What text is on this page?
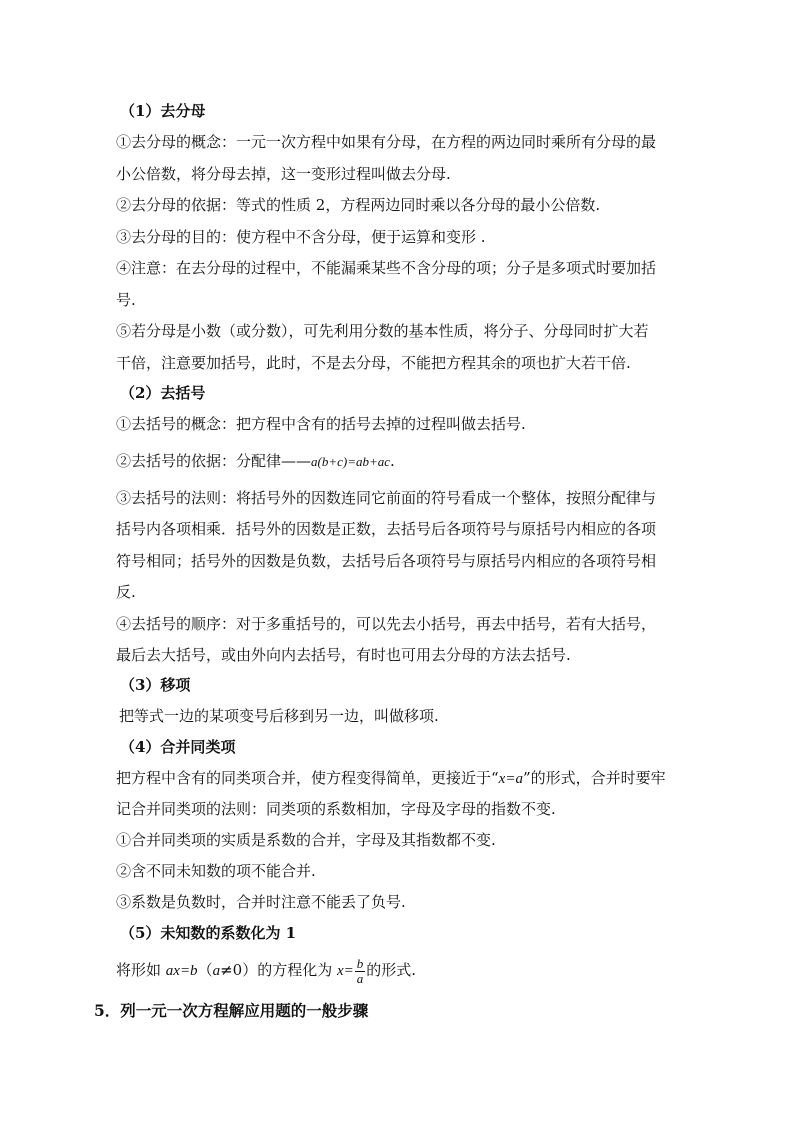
（1）去分母
①去分母的概念：一元一次方程中如果有分母，在方程的两边同时乘所有分母的最
小公倍数，将分母去掉，这一变形过程叫做去分母.
②去分母的依据：等式的性质 2，方程两边同时乘以各分母的最小公倍数.
③去分母的目的：使方程中不含分母，便于运算和变形 .
④注意：在去分母的过程中，不能漏乘某些不含分母的项；分子是多项式时要加括
号.
⑤若分母是小数（或分数），可先利用分数的基本性质，将分子、分母同时扩大若
干倍，注意要加括号，此时，不是去分母，不能把方程其余的项也扩大若干倍.
（2）去括号
①去括号的概念：把方程中含有的括号去掉的过程叫做去括号.
②去括号的依据：分配律——a(b+c)=ab+ac.
③去括号的法则：将括号外的因数连同它前面的符号看成一个整体，按照分配律与
括号内各项相乘．括号外的因数是正数，去括号后各项符号与原括号内相应的各项
符号相同；括号外的因数是负数，去括号后各项符号与原括号内相应的各项符号相
反.
④去括号的顺序：对于多重括号的，可以先去小括号，再去中括号，若有大括号，
最后去大括号，或由外向内去括号，有时也可用去分母的方法去括号.
（3）移项
把等式一边的某项变号后移到另一边，叫做移项.
（4）合并同类项
把方程中含有的同类项合并，使方程变得简单，更接近于“x=a”的形式，合并时要牢
记合并同类项的法则：同类项的系数相加，字母及字母的指数不变.
①合并同类项的实质是系数的合并，字母及其指数都不变.
②含不同未知数的项不能合并.
③系数是负数时，合并时注意不能丢了负号.
（5）未知数的系数化为 1
将形如 ax=b（a≠0）的方程化为 $x= \frac{b}{a}$ 的形式.
5．列一元一次方程解应用题的一般步骤
